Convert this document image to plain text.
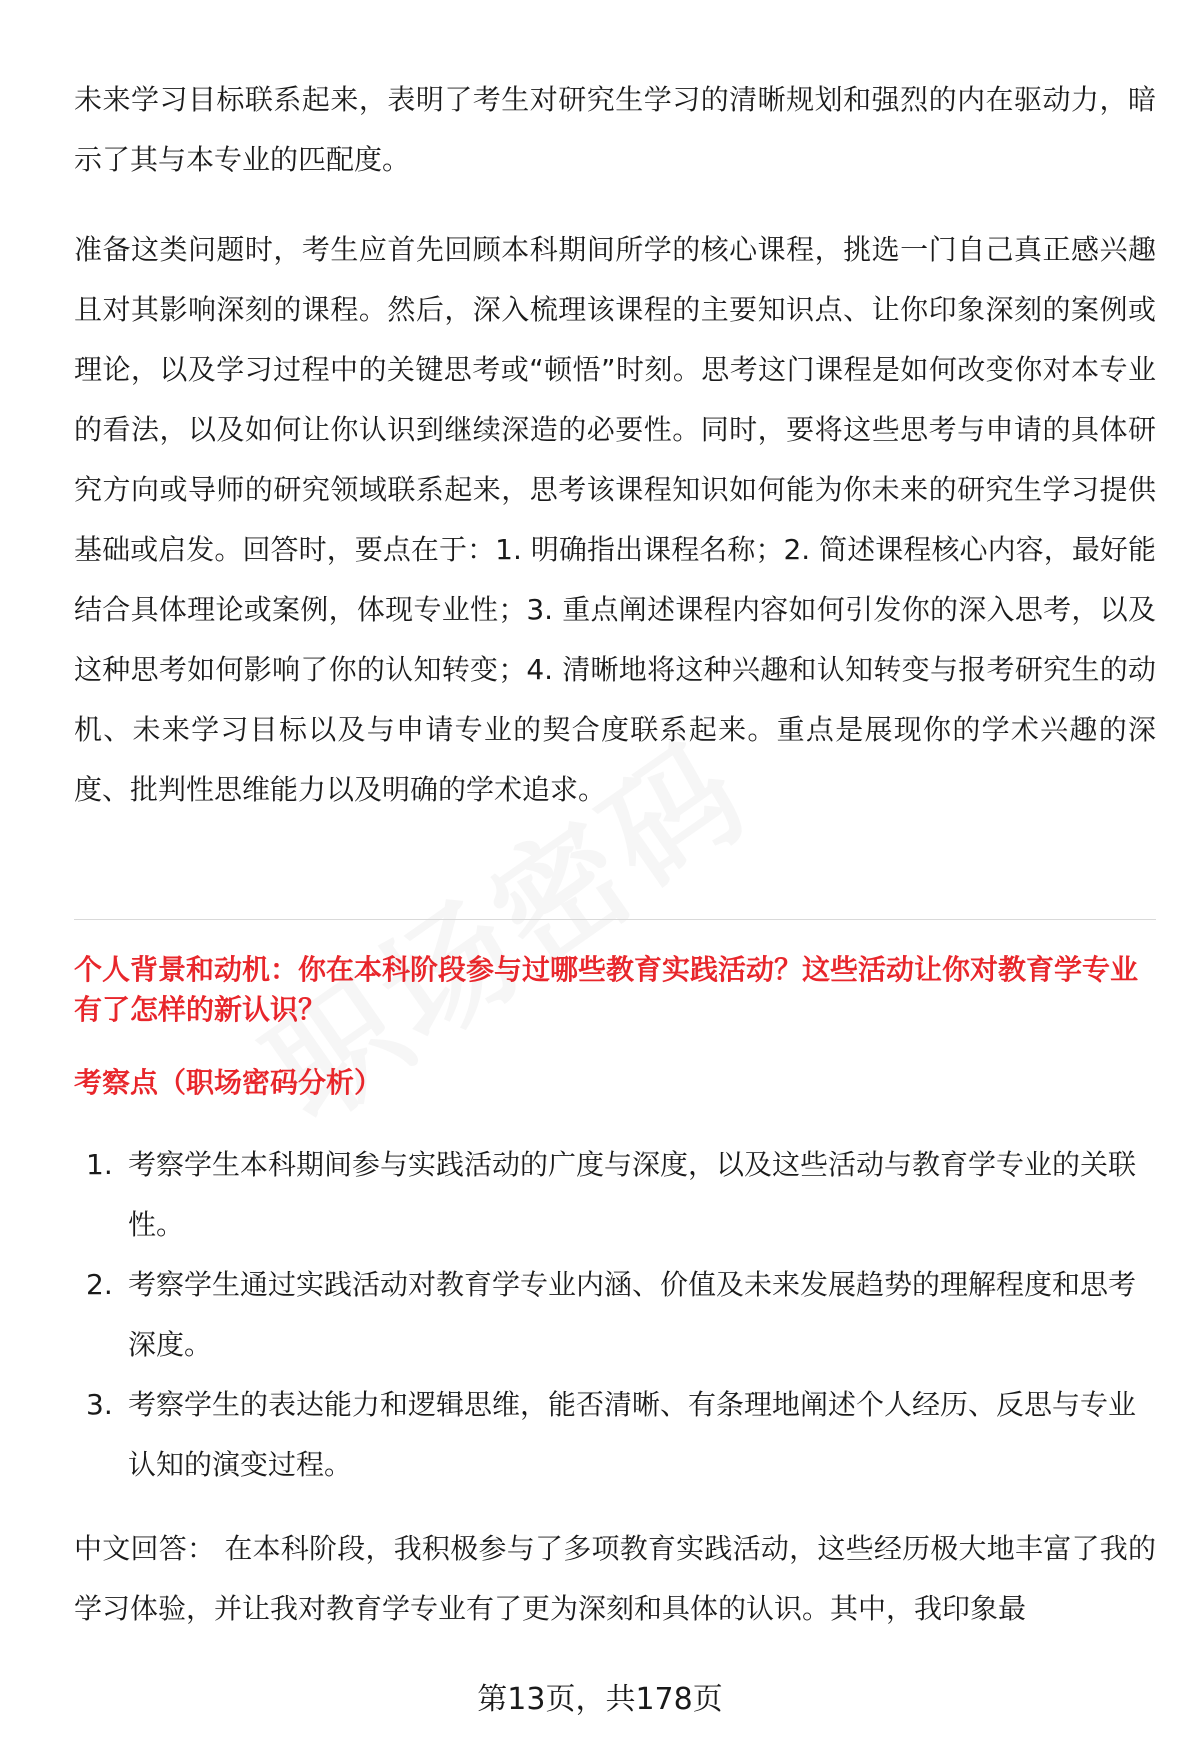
未来学习目标联系起来，表明了考生对研究生学习的清晰规划和强烈的内在驱动力，暗示了其与本专业的匹配度。

准备这类问题时，考生应首先回顾本科期间所学的核心课程，挑选一门自己真正感兴趣且对其影响深刻的课程。然后，深入梳理该课程的主要知识点、让你印象深刻的案例或理论，以及学习过程中的关键思考或“顿悟”时刻。思考这门课程是如何改变你对本专业的看法，以及如何让你认识到继续深造的必要性。同时，要将这些思考与申请的具体研究方向或导师的研究领域联系起来，思考该课程知识如何能为你未来的研究生学习提供基础或启发。回答时，要点在于：1. 明确指出课程名称；2. 简述课程核心内容，最好能结合具体理论或案例，体现专业性；3. 重点阐述课程内容如何引发你的深入思考，以及这种思考如何影响了你的认知转变；4. 清晰地将这种兴趣和认知转变与报考研究生的动机、未来学习目标以及与申请专业的契合度联系起来。重点是展现你的学术兴趣的深度、批判性思维能力以及明确的学术追求。

个人背景和动机：你在本科阶段参与过哪些教育实践活动？这些活动让你对教育学专业有了怎样的新认识？

考察点（职场密码分析）

1. 考察学生本科期间参与实践活动的广度与深度，以及这些活动与教育学专业的关联性。
2. 考察学生通过实践活动对教育学专业内涵、价值及未来发展趋势的理解程度和思考深度。
3. 考察学生的表达能力和逻辑思维，能否清晰、有条理地阐述个人经历、反思与专业认知的演变过程。

中文回答： 在本科阶段，我积极参与了多项教育实践活动，这些经历极大地丰富了我的学习体验，并让我对教育学专业有了更为深刻和具体的认识。其中，我印象最

第13页，共178页
